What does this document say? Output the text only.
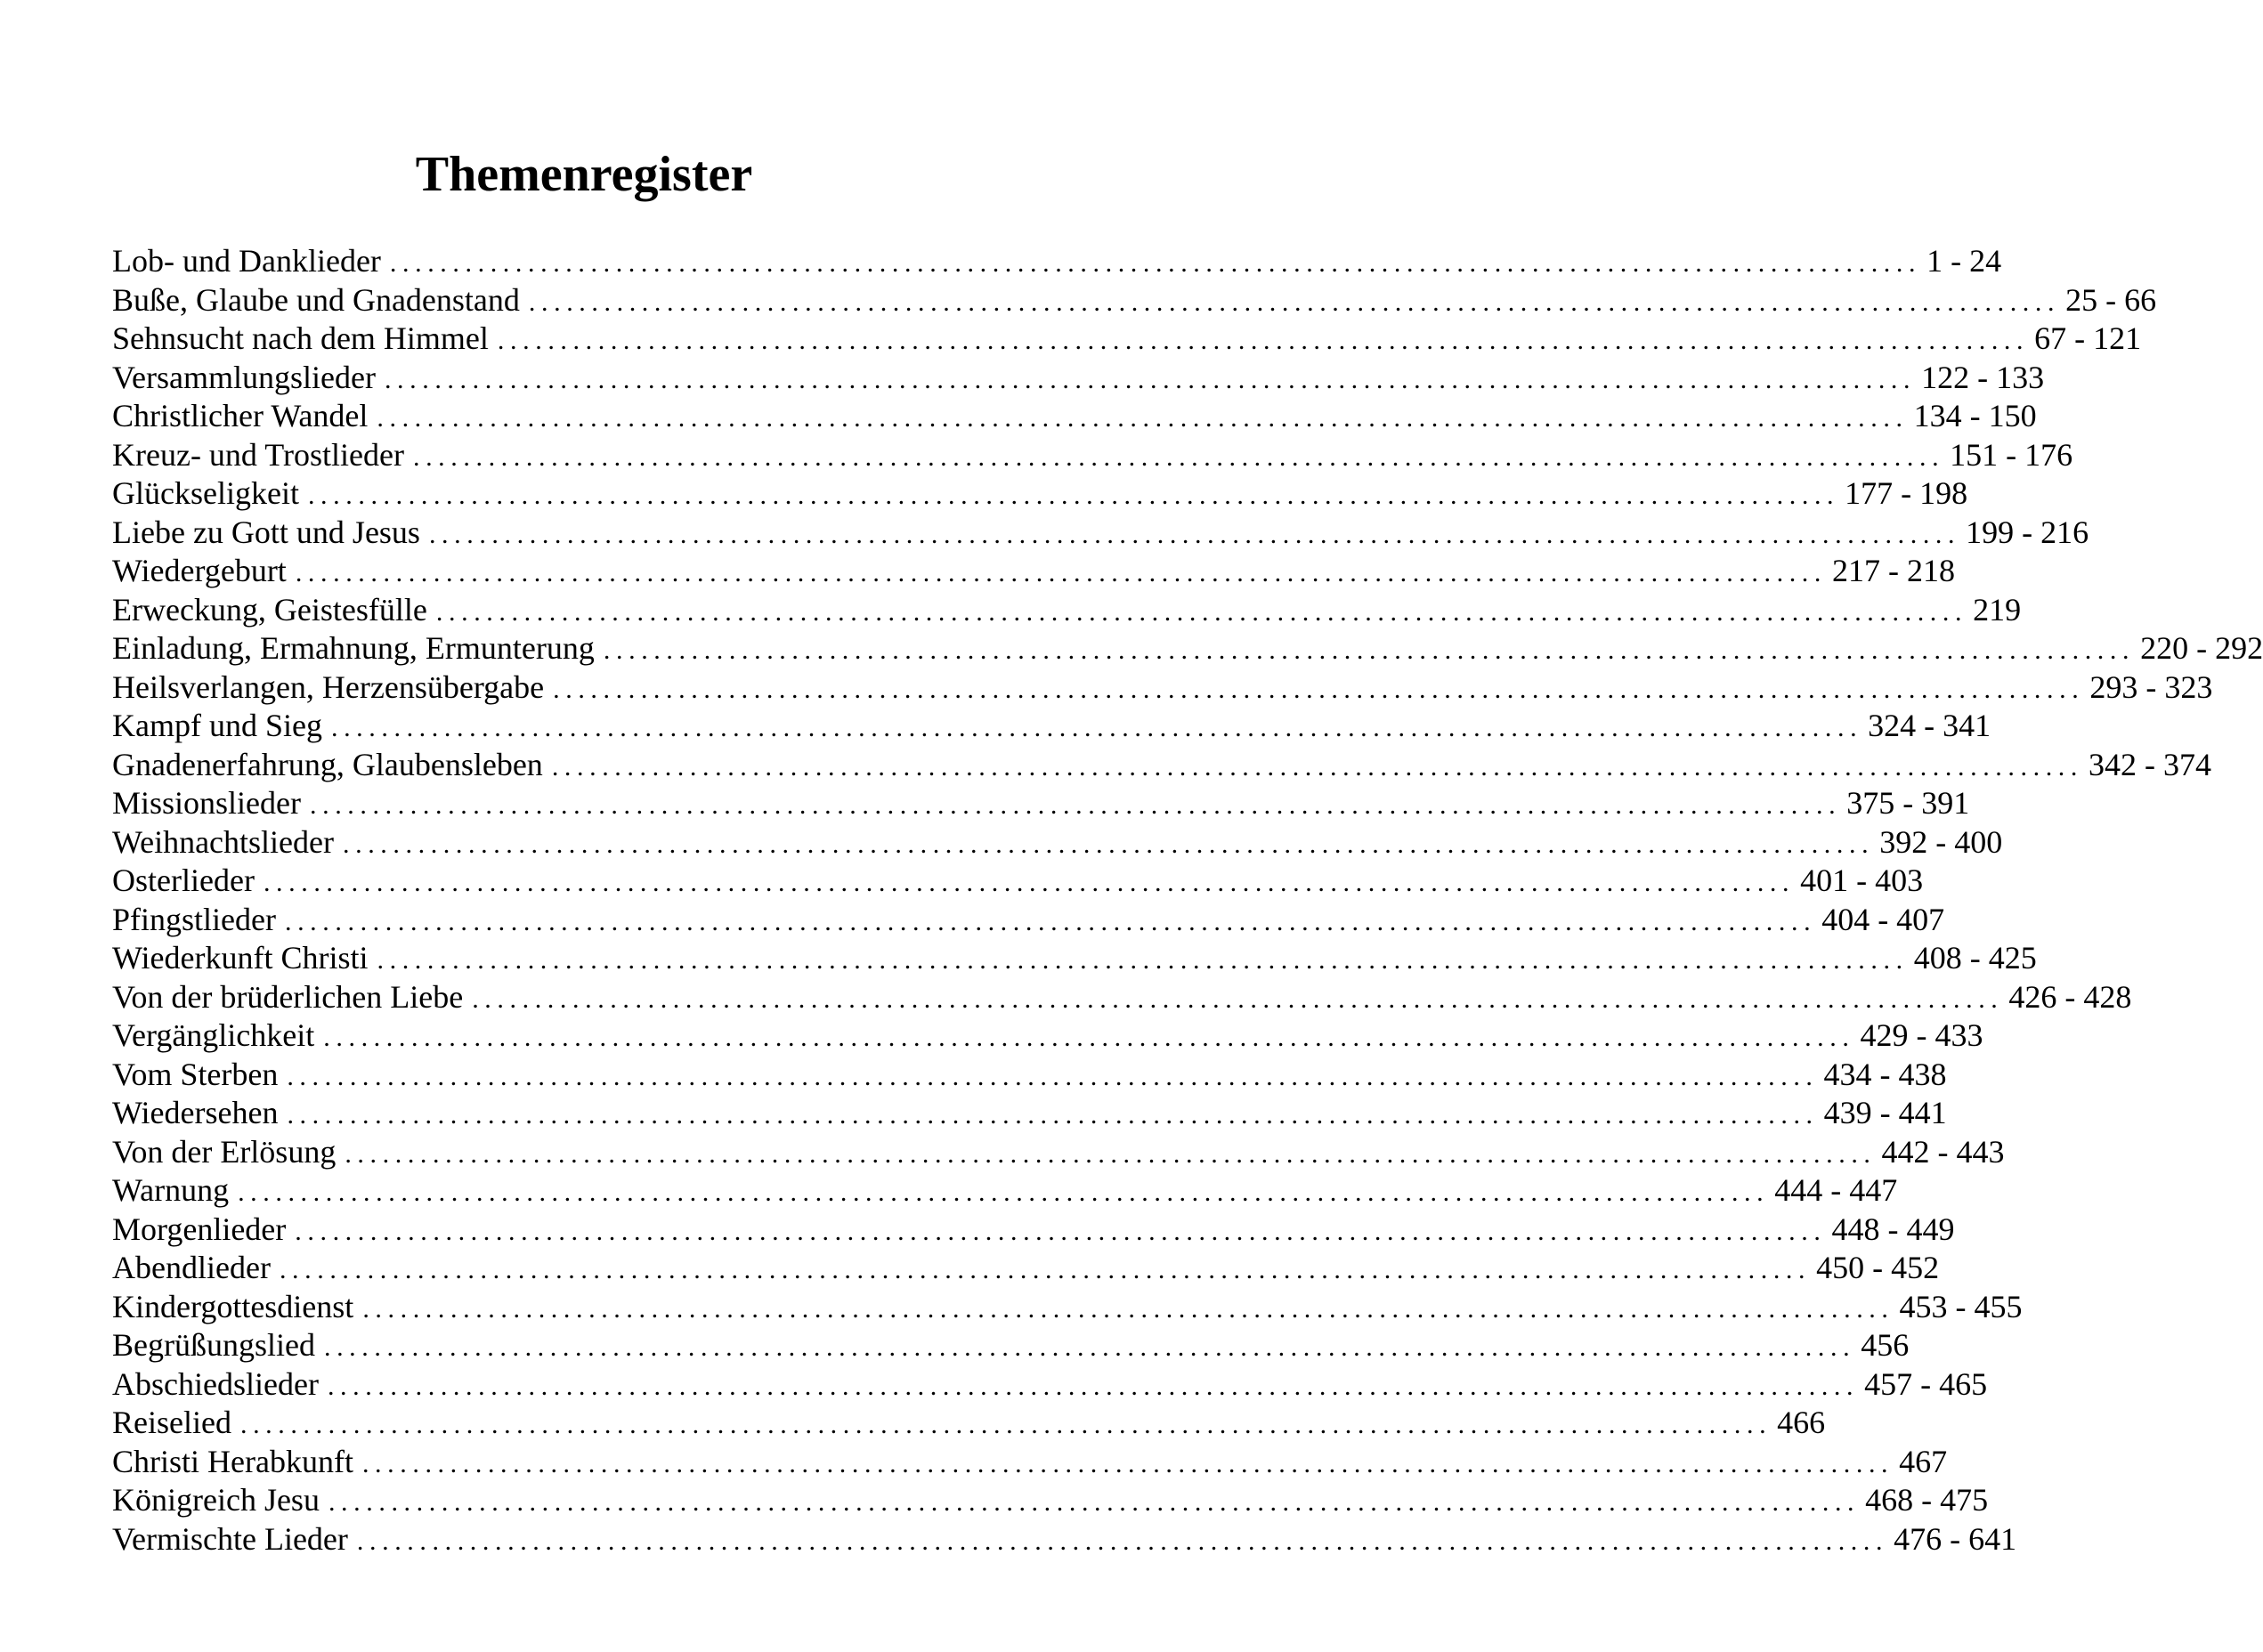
Themenregister
Lob- und Danklieder .......................................................................................................................... 1 - 24
Buße, Glaube und Gnadenstand .......................................................................................................................... 25 - 66
Sehnsucht nach dem Himmel .......................................................................................................................... 67 - 121
Versammlungslieder .......................................................................................................................... 122 - 133
Christlicher Wandel .......................................................................................................................... 134 - 150
Kreuz- und Trostlieder .......................................................................................................................... 151 - 176
Glückseligkeit .......................................................................................................................... 177 - 198
Liebe zu Gott und Jesus .......................................................................................................................... 199 - 216
Wiedergeburt .......................................................................................................................... 217 - 218
Erweckung, Geistesfülle .......................................................................................................................... 219
Einladung, Ermahnung, Ermunterung .......................................................................................................................... 220 - 292
Heilsverlangen, Herzensübergabe .......................................................................................................................... 293 - 323
Kampf und Sieg .......................................................................................................................... 324 - 341
Gnadenerfahrung, Glaubensleben .......................................................................................................................... 342 - 374
Missionslieder .......................................................................................................................... 375 - 391
Weihnachtslieder .......................................................................................................................... 392 - 400
Osterlieder .......................................................................................................................... 401 - 403
Pfingstlieder .......................................................................................................................... 404 - 407
Wiederkunft Christi .......................................................................................................................... 408 - 425
Von der brüderlichen Liebe .......................................................................................................................... 426 - 428
Vergänglichkeit .......................................................................................................................... 429 - 433
Vom Sterben .......................................................................................................................... 434 - 438
Wiedersehen .......................................................................................................................... 439 - 441
Von der Erlösung .......................................................................................................................... 442 - 443
Warnung .......................................................................................................................... 444 - 447
Morgenlieder .......................................................................................................................... 448 - 449
Abendlieder .......................................................................................................................... 450 - 452
Kindergottesdienst .......................................................................................................................... 453 - 455
Begrüßungslied .......................................................................................................................... 456
Abschiedslieder .......................................................................................................................... 457 - 465
Reiselied .......................................................................................................................... 466
Christi Herabkunft .......................................................................................................................... 467
Königreich Jesu .......................................................................................................................... 468 - 475
Vermischte Lieder .......................................................................................................................... 476 - 641
